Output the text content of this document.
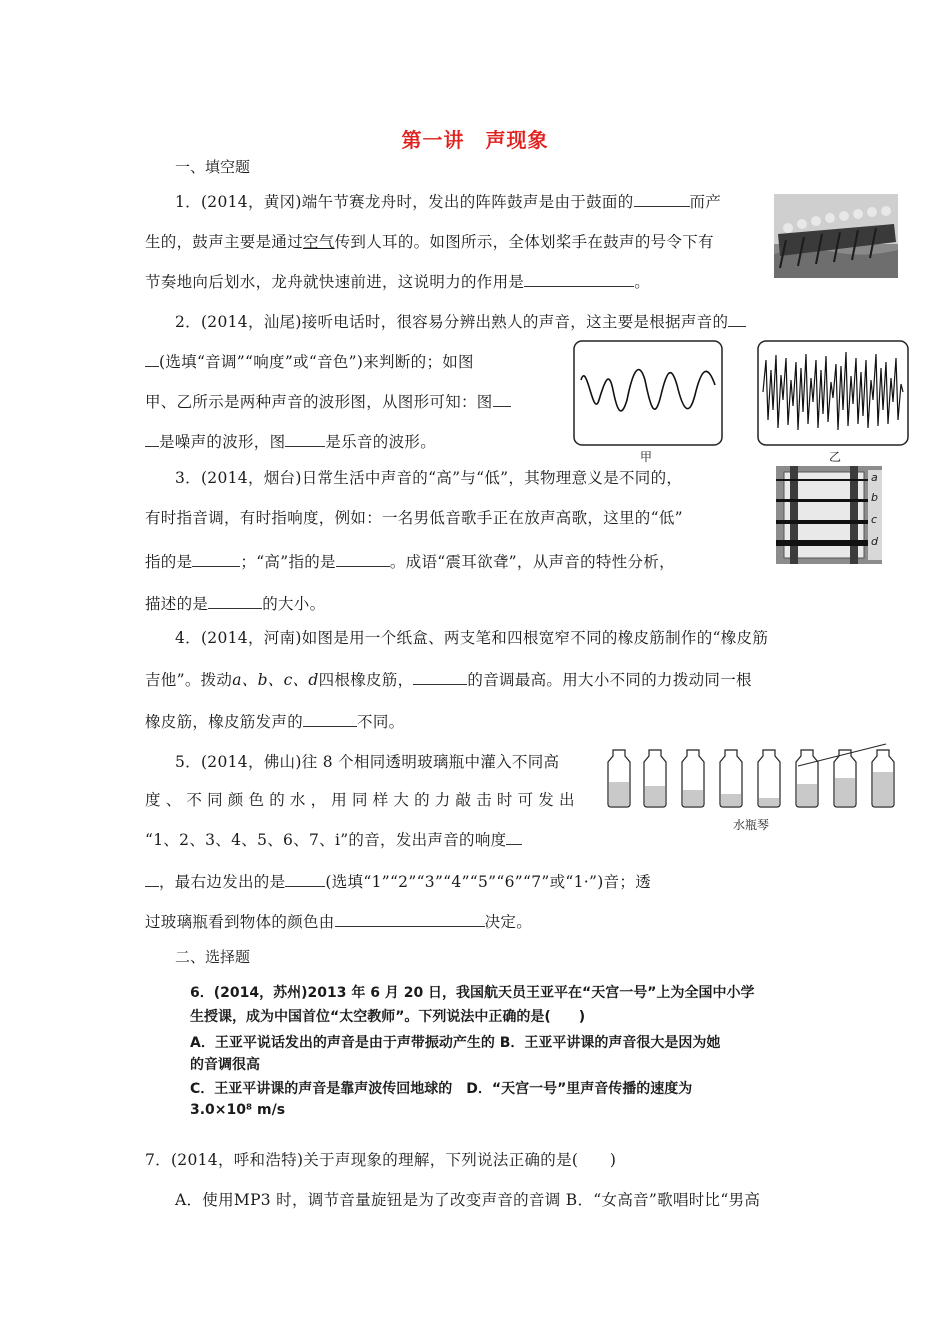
第一讲　声现象
一、填空题
1．(2014，黄冈)端午节赛龙舟时，发出的阵阵鼓声是由于鼓面的	而产
生的，鼓声主要是通过空气传到人耳的。如图所示，全体划桨手在鼓声的号令下有
节奏地向后划水，龙舟就快速前进，这说明力的作用是	。
2．(2014，汕尾)接听电话时，很容易分辨出熟人的声音，这主要是根据声音的
(选填“音调”“响度”或“音色”)来判断的；如图
甲、乙所示是两种声音的波形图，从图形可知：图
是噪声的波形，图	是乐音的波形。
甲	乙
3．(2014，烟台)日常生活中声音的“高”与“低”，其物理意义是不同的，
有时指音调，有时指响度，例如：一名男低音歌手正在放声高歌，这里的“低”
指的是	；“高”指的是	。成语“震耳欲聋”，从声音的特性分析，
描述的是	的大小。
a
b
c
d
4．(2014，河南)如图是用一个纸盒、两支笔和四根宽窄不同的橡皮筋制作的“橡皮筋
吉他”。拨动a、b、c、d四根橡皮筋，	的音调最高。用大小不同的力拨动同一根
橡皮筋，橡皮筋发声的	不同。
5．(2014，佛山)往 8 个相同透明玻璃瓶中灌入不同高
度、不同颜色的水，用同样大的力敲击时可发出
“1、2、3、4、5、6、7、i”的音，发出声音的响度
，最右边发出的是	(选填“1”“2”“3”“4”“5”“6”“7”或“1·”)音；透
过玻璃瓶看到物体的颜色由	决定。
水瓶琴
二、选择题
6．(2014，苏州)2013 年 6 月 20 日，我国航天员王亚平在“天宫一号”上为全国中小学
生授课，成为中国首位“太空教师”。下列说法中正确的是(　　)
A．王亚平说话发出的声音是由于声带振动产生的 B．王亚平讲课的声音很大是因为她
的音调很高
C．王亚平讲课的声音是靠声波传回地球的　D．“天宫一号”里声音传播的速度为
3.0×10⁸ m/s
7．(2014，呼和浩特)关于声现象的理解，下列说法正确的是(　　)
A．使用MP3 时，调节音量旋钮是为了改变声音的音调 B．“女高音”歌唱时比“男高
